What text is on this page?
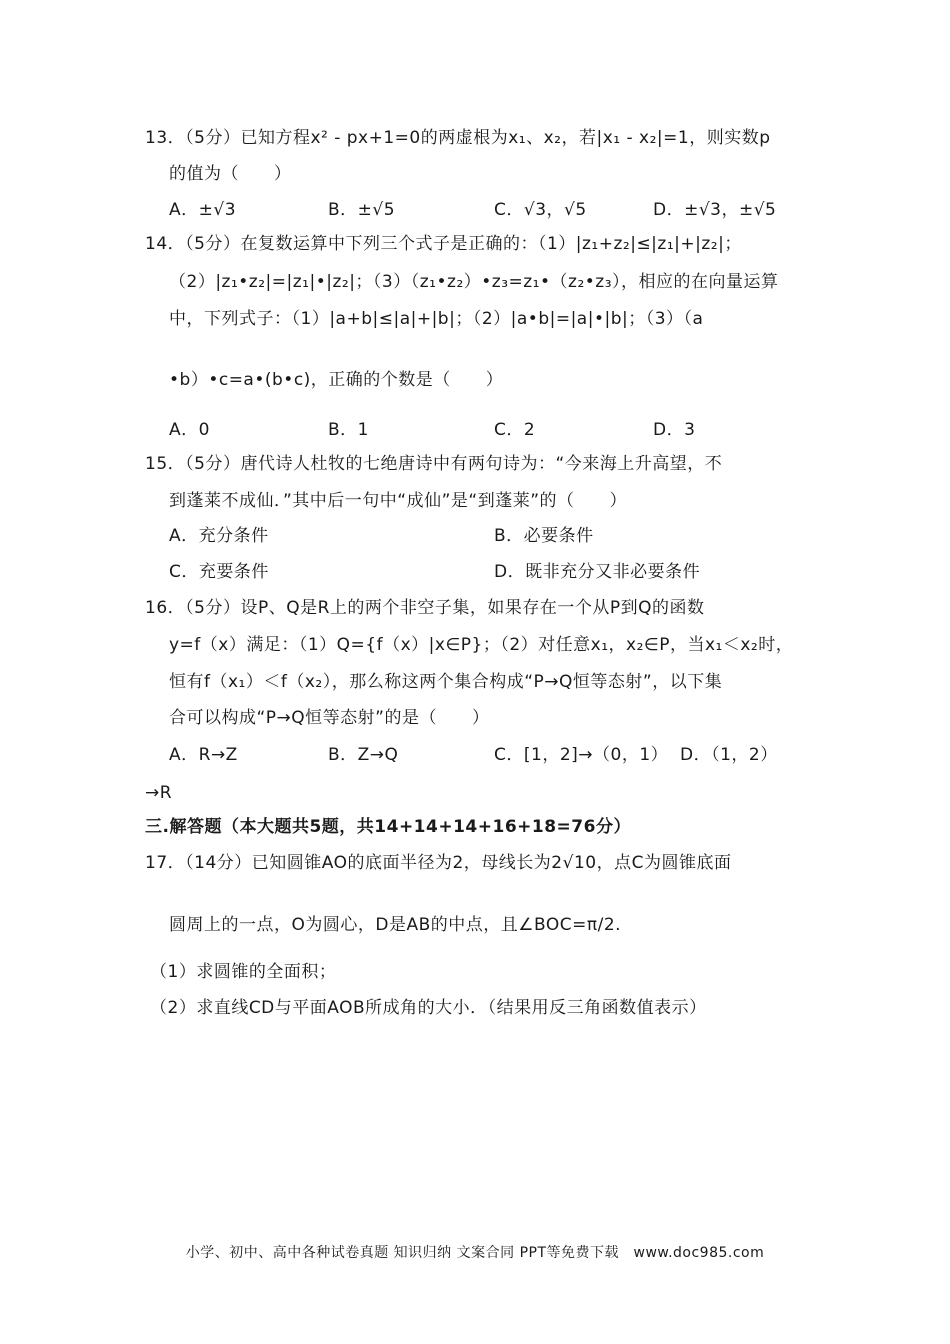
13．（5分）已知方程x² - px+1=0的两虚根为x₁、x₂，若|x₁ - x₂|=1，则实数p
的值为（　　）
A．±√3	B．±√5	C．√3，√5	D．±√3，±√5
14．（5分）在复数运算中下列三个式子是正确的：（1）|z₁+z₂|≤|z₁|+|z₂|；
（2）|z₁•z₂|=|z₁|•|z₂|；（3）（z₁•z₂）•z₃=z₁•（z₂•z₃），相应的在向量运算
中，下列式子：（1）|a+b|≤|a|+|b|；（2）|a•b|=|a|•|b|；（3）（a
•b）•c=a•(b•c)，正确的个数是（　　）
A．0	B．1	C．2	D．3
15．（5分）唐代诗人杜牧的七绝唐诗中有两句诗为：“今来海上升高望，不
到蓬莱不成仙．”其中后一句中“成仙”是“到蓬莱”的（　　）
A．充分条件	B．必要条件
C．充要条件	D．既非充分又非必要条件
16．（5分）设P、Q是R上的两个非空子集，如果存在一个从P到Q的函数
y=f（x）满足：（1）Q={f（x）|x∈P}；（2）对任意x₁，x₂∈P，当x₁＜x₂时，
恒有f（x₁）＜f（x₂），那么称这两个集合构成“P→Q恒等态射”，以下集
合可以构成“P→Q恒等态射”的是（　　）
A．R→Z	B．Z→Q	C．[1，2]→（0，1） D．（1，2）
→R
三.解答题（本大题共5题，共14+14+14+16+18=76分）
17．（14分）已知圆锥AO的底面半径为2，母线长为2√10，点C为圆锥底面
圆周上的一点，O为圆心，D是AB的中点，且∠BOC=π/2.
（1）求圆锥的全面积；
（2）求直线CD与平面AOB所成角的大小．（结果用反三角函数值表示）
小学、初中、高中各种试卷真题 知识归纳 文案合同 PPT等免费下载　www.doc985.com
